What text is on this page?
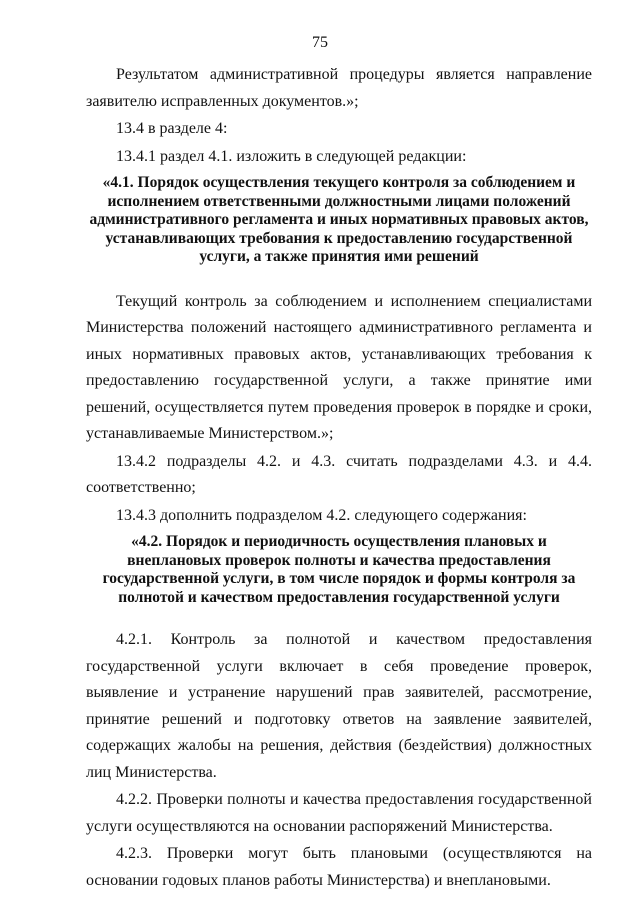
75

Результатом административной процедуры является направление заявителю исправленных документов.»;

13.4 в разделе 4:

13.4.1 раздел 4.1. изложить в следующей редакции:

«4.1. Порядок осуществления текущего контроля за соблюдением и исполнением ответственными должностными лицами положений административного регламента и иных нормативных правовых актов, устанавливающих требования к предоставлению государственной услуги, а также принятия ими решений

Текущий контроль за соблюдением и исполнением специалистами Министерства положений настоящего административного регламента и иных нормативных правовых актов, устанавливающих требования к предоставлению государственной услуги, а также принятие ими решений, осуществляется путем проведения проверок в порядке и сроки, устанавливаемые Министерством.»;

13.4.2 подразделы 4.2. и 4.3. считать подразделами 4.3. и 4.4. соответственно;

13.4.3 дополнить подразделом 4.2. следующего содержания:

«4.2. Порядок и периодичность осуществления плановых и внеплановых проверок полноты и качества предоставления государственной услуги, в том числе порядок и формы контроля за полнотой и качеством предоставления государственной услуги

4.2.1. Контроль за полнотой и качеством предоставления государственной услуги включает в себя проведение проверок, выявление и устранение нарушений прав заявителей, рассмотрение, принятие решений и подготовку ответов на заявление заявителей, содержащих жалобы на решения, действия (бездействия) должностных лиц Министерства.

4.2.2. Проверки полноты и качества предоставления государственной услуги осуществляются на основании распоряжений Министерства.

4.2.3. Проверки могут быть плановыми (осуществляются на основании годовых планов работы Министерства) и внеплановыми.
